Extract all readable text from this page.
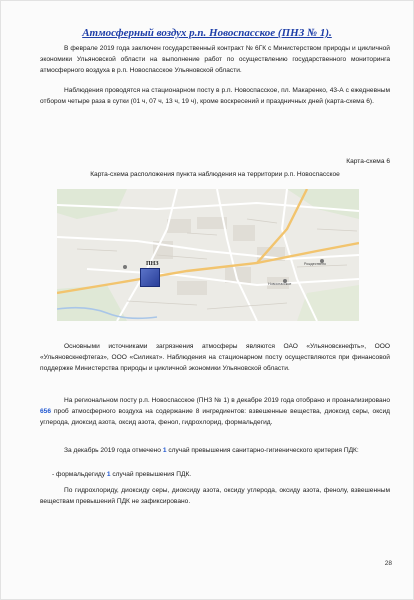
Атмосферный воздух р.п. Новоспасское (ПНЗ № 1).

В феврале 2019 года заключен государственный контракт № 6ГК с Министерством природы и цикличной экономики Ульяновской области на выполнение работ по осуществлению государственного мониторинга атмосферного воздуха в р.п. Новоспасское Ульяновской области.

Наблюдения проводятся на стационарном посту в р.п. Новоспасское, пл. Макаренко, 43-А с ежедневным отбором четыре раза в сутки (01 ч, 07 ч, 13 ч, 19 ч), кроме воскресений и праздничных дней (карта-схема 6).

Карта-схема 6
Карта-схема расположения пункта наблюдения на территории р.п. Новоспасское
ПНЗ
Новоспасское
Рождествено

Основными источниками загрязнения атмосферы являются ОАО «Ульяновскнефть», ООО «Ульяновскнефтегаз», ООО «Силикат». Наблюдения на стационарном посту осуществляются при финансовой поддержке Министерства природы и цикличной экономики Ульяновской области.

На региональном посту р.п. Новоспасское (ПНЗ № 1) в декабре 2019 года отобрано и проанализировано 656 проб атмосферного воздуха на содержание 8 ингредиентов: взвешенные вещества, диоксид серы, оксид углерода, диоксид азота, оксид азота, фенол, гидрохлорид, формальдегид.

За декабрь 2019 года отмечено 1 случай превышения санитарно-гигиенического критерия ПДК:

- формальдегиду 1 случай превышения ПДК.

По гидрохлориду, диоксиду серы, диоксиду азота, оксиду углерода, оксиду азота, фенолу, взвешенным веществам превышений ПДК не зафиксировано.

28
